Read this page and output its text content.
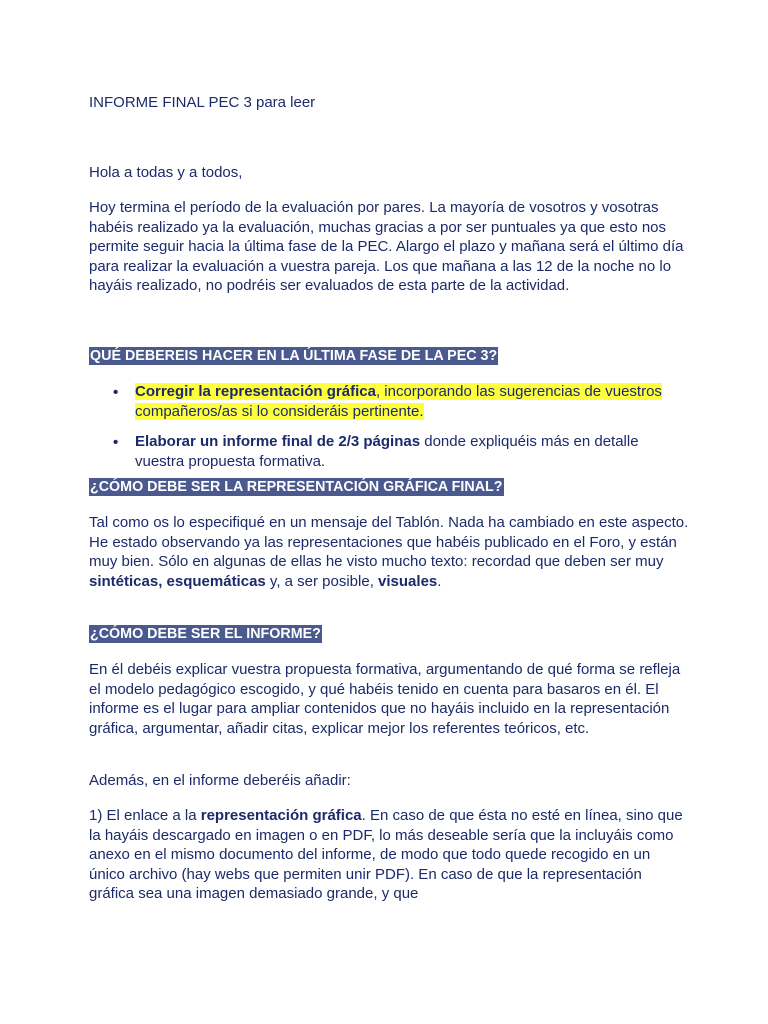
INFORME FINAL PEC 3 para leer

Hola a todas y a todos,

Hoy termina el período de la evaluación por pares. La mayoría de vosotros y vosotras habéis realizado ya la evaluación, muchas gracias a por ser puntuales ya que esto nos permite seguir hacia la última fase de la PEC. Alargo el plazo y mañana será el último día para realizar la evaluación a vuestra pareja. Los que mañana a las 12 de la noche no lo hayáis realizado, no podréis ser evaluados de esta parte de la actividad.

QUÉ DEBEREIS HACER EN LA ÚLTIMA FASE DE LA PEC 3?
• Corregir la representación gráfica, incorporando las sugerencias de vuestros compañeros/as si lo consideráis pertinente.
• Elaborar un informe final de 2/3 páginas donde expliquéis más en detalle vuestra propuesta formativa.
¿CÓMO DEBE SER LA REPRESENTACIÓN GRÁFICA FINAL?

Tal como os lo especifiqué en un mensaje del Tablón. Nada ha cambiado en este aspecto. He estado observando ya las representaciones que habéis publicado en el Foro, y están muy bien. Sólo en algunas de ellas he visto mucho texto: recordad que deben ser muy sintéticas, esquemáticas y, a ser posible, visuales.

¿CÓMO DEBE SER EL INFORME?

En él debéis explicar vuestra propuesta formativa, argumentando de qué forma se refleja el modelo pedagógico escogido, y qué habéis tenido en cuenta para basaros en él. El informe es el lugar para ampliar contenidos que no hayáis incluido en la representación gráfica, argumentar, añadir citas, explicar mejor los referentes teóricos, etc.

Además, en el informe deberéis añadir:

1) El enlace a la representación gráfica. En caso de que ésta no esté en línea, sino que la hayáis descargado en imagen o en PDF, lo más deseable sería que la incluyáis como anexo en el mismo documento del informe, de modo que todo quede recogido en un único archivo (hay webs que permiten unir PDF). En caso de que la representación gráfica sea una imagen demasiado grande, y que
